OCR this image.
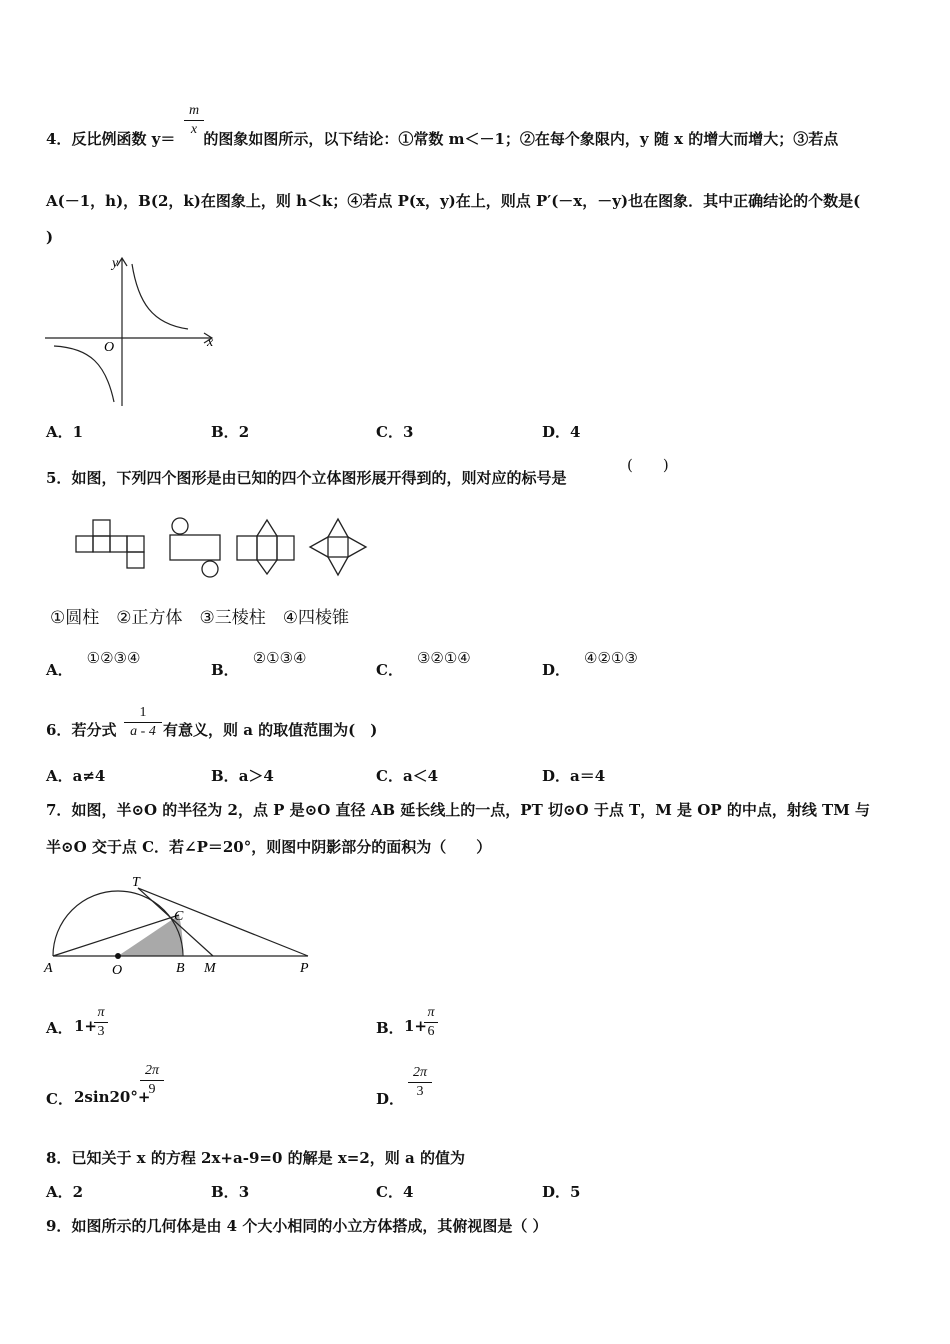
m
x
4．反比例函数 y＝ 的图象如图所示，以下结论：①常数 m＜－1；②在每个象限内，y 随 x 的增大而增大；③若点
A(－1，h)，B(2，k)在图象上，则 h＜k；④若点 P(x，y)在上，则点 P′(－x，－y)也在图象．其中正确结论的个数是(
)
y
x
O
A．1	B．2	C．3	D．4
5．如图，下列四个图形是由已知的四个立体图形展开得到的，则对应的标号是
(　　)
①圆柱　②正方体　③三棱柱　④四棱锥
A．①②③④
B．②①③④
C．③②①④
D．④②①③
6．若分式
1
a - 4 有意义，则 a 的取值范围为(　)
A．a≠4	B．a＞4	C．a＜4	D．a＝4
7．如图，半⊙O 的半径为 2，点 P 是⊙O 直径 AB 延长线上的一点，PT 切⊙O 于点 T，M 是 OP 的中点，射线 TM 与
半⊙O 交于点 C．若∠P＝20°，则图中阴影部分的面积为（　　）
T
C
A	O	B M	P
A． 1+
π
3	B． 1+
π
6
C． 2sin20°+
2π
9
D．
2π
3
8．已知关于 x 的方程 2x+a-9=0 的解是 x=2，则 a 的值为
A．2	B．3	C．4	D．5
9．如图所示的几何体是由 4 个大小相同的小立方体搭成，其俯视图是（ ）
